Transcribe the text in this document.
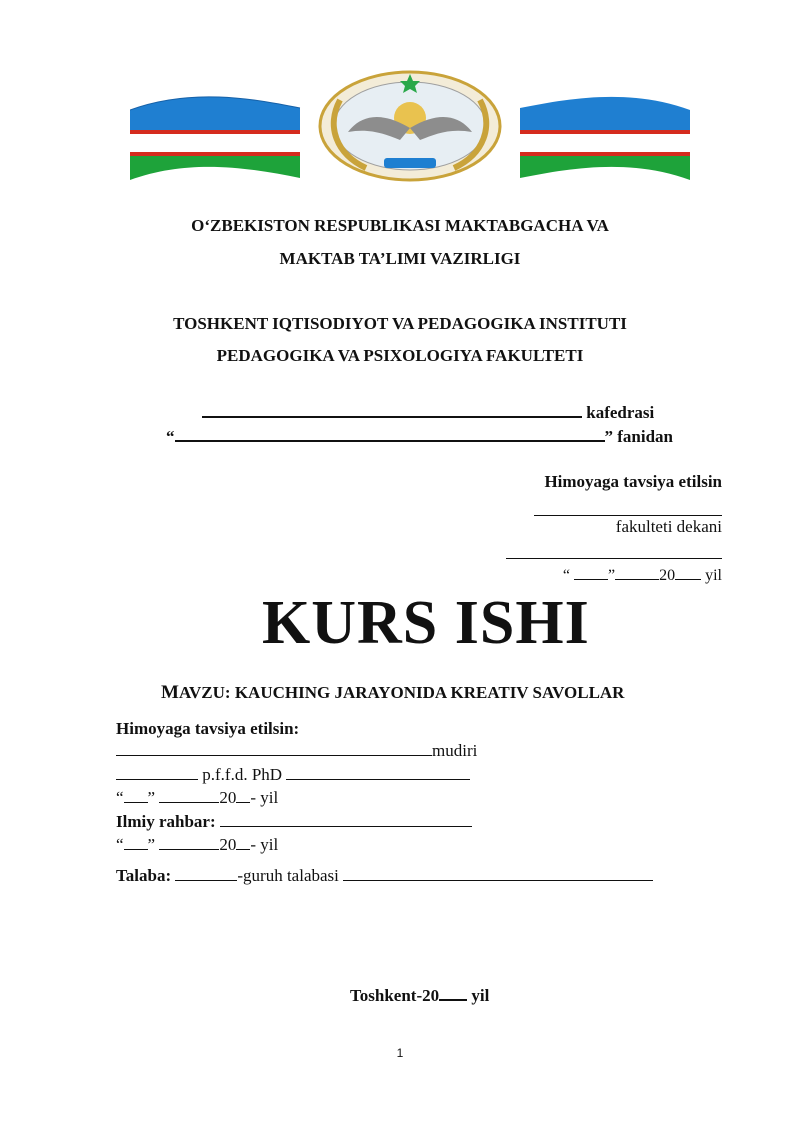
O‘ZBEKISTON RESPUBLIKASI MAKTABGACHA VA
MAKTAB TA’LIMI VAZIRLIGI
TOSHKENT IQTISODIYOT VA PEDAGOGIKA INSTITUTI
PEDAGOGIKA VA PSIXOLOGIYA FAKULTETI
kafedrasi
“	” fanidan
Himoyaga tavsiya etilsin
fakulteti dekani
“ ”	20 yil
KURS ISHI
MAVZU: KAUCHING JARAYONIDA KREATIV SAVOLLAR
Himoyaga tavsiya etilsin:
mudiri
p.f.f.d. PhD
“ ”	20 - yil
Ilmiy rahbar:
“ ”	20 - yil
Talaba:	-guruh talabasi
Toshkent-20 yil
1
